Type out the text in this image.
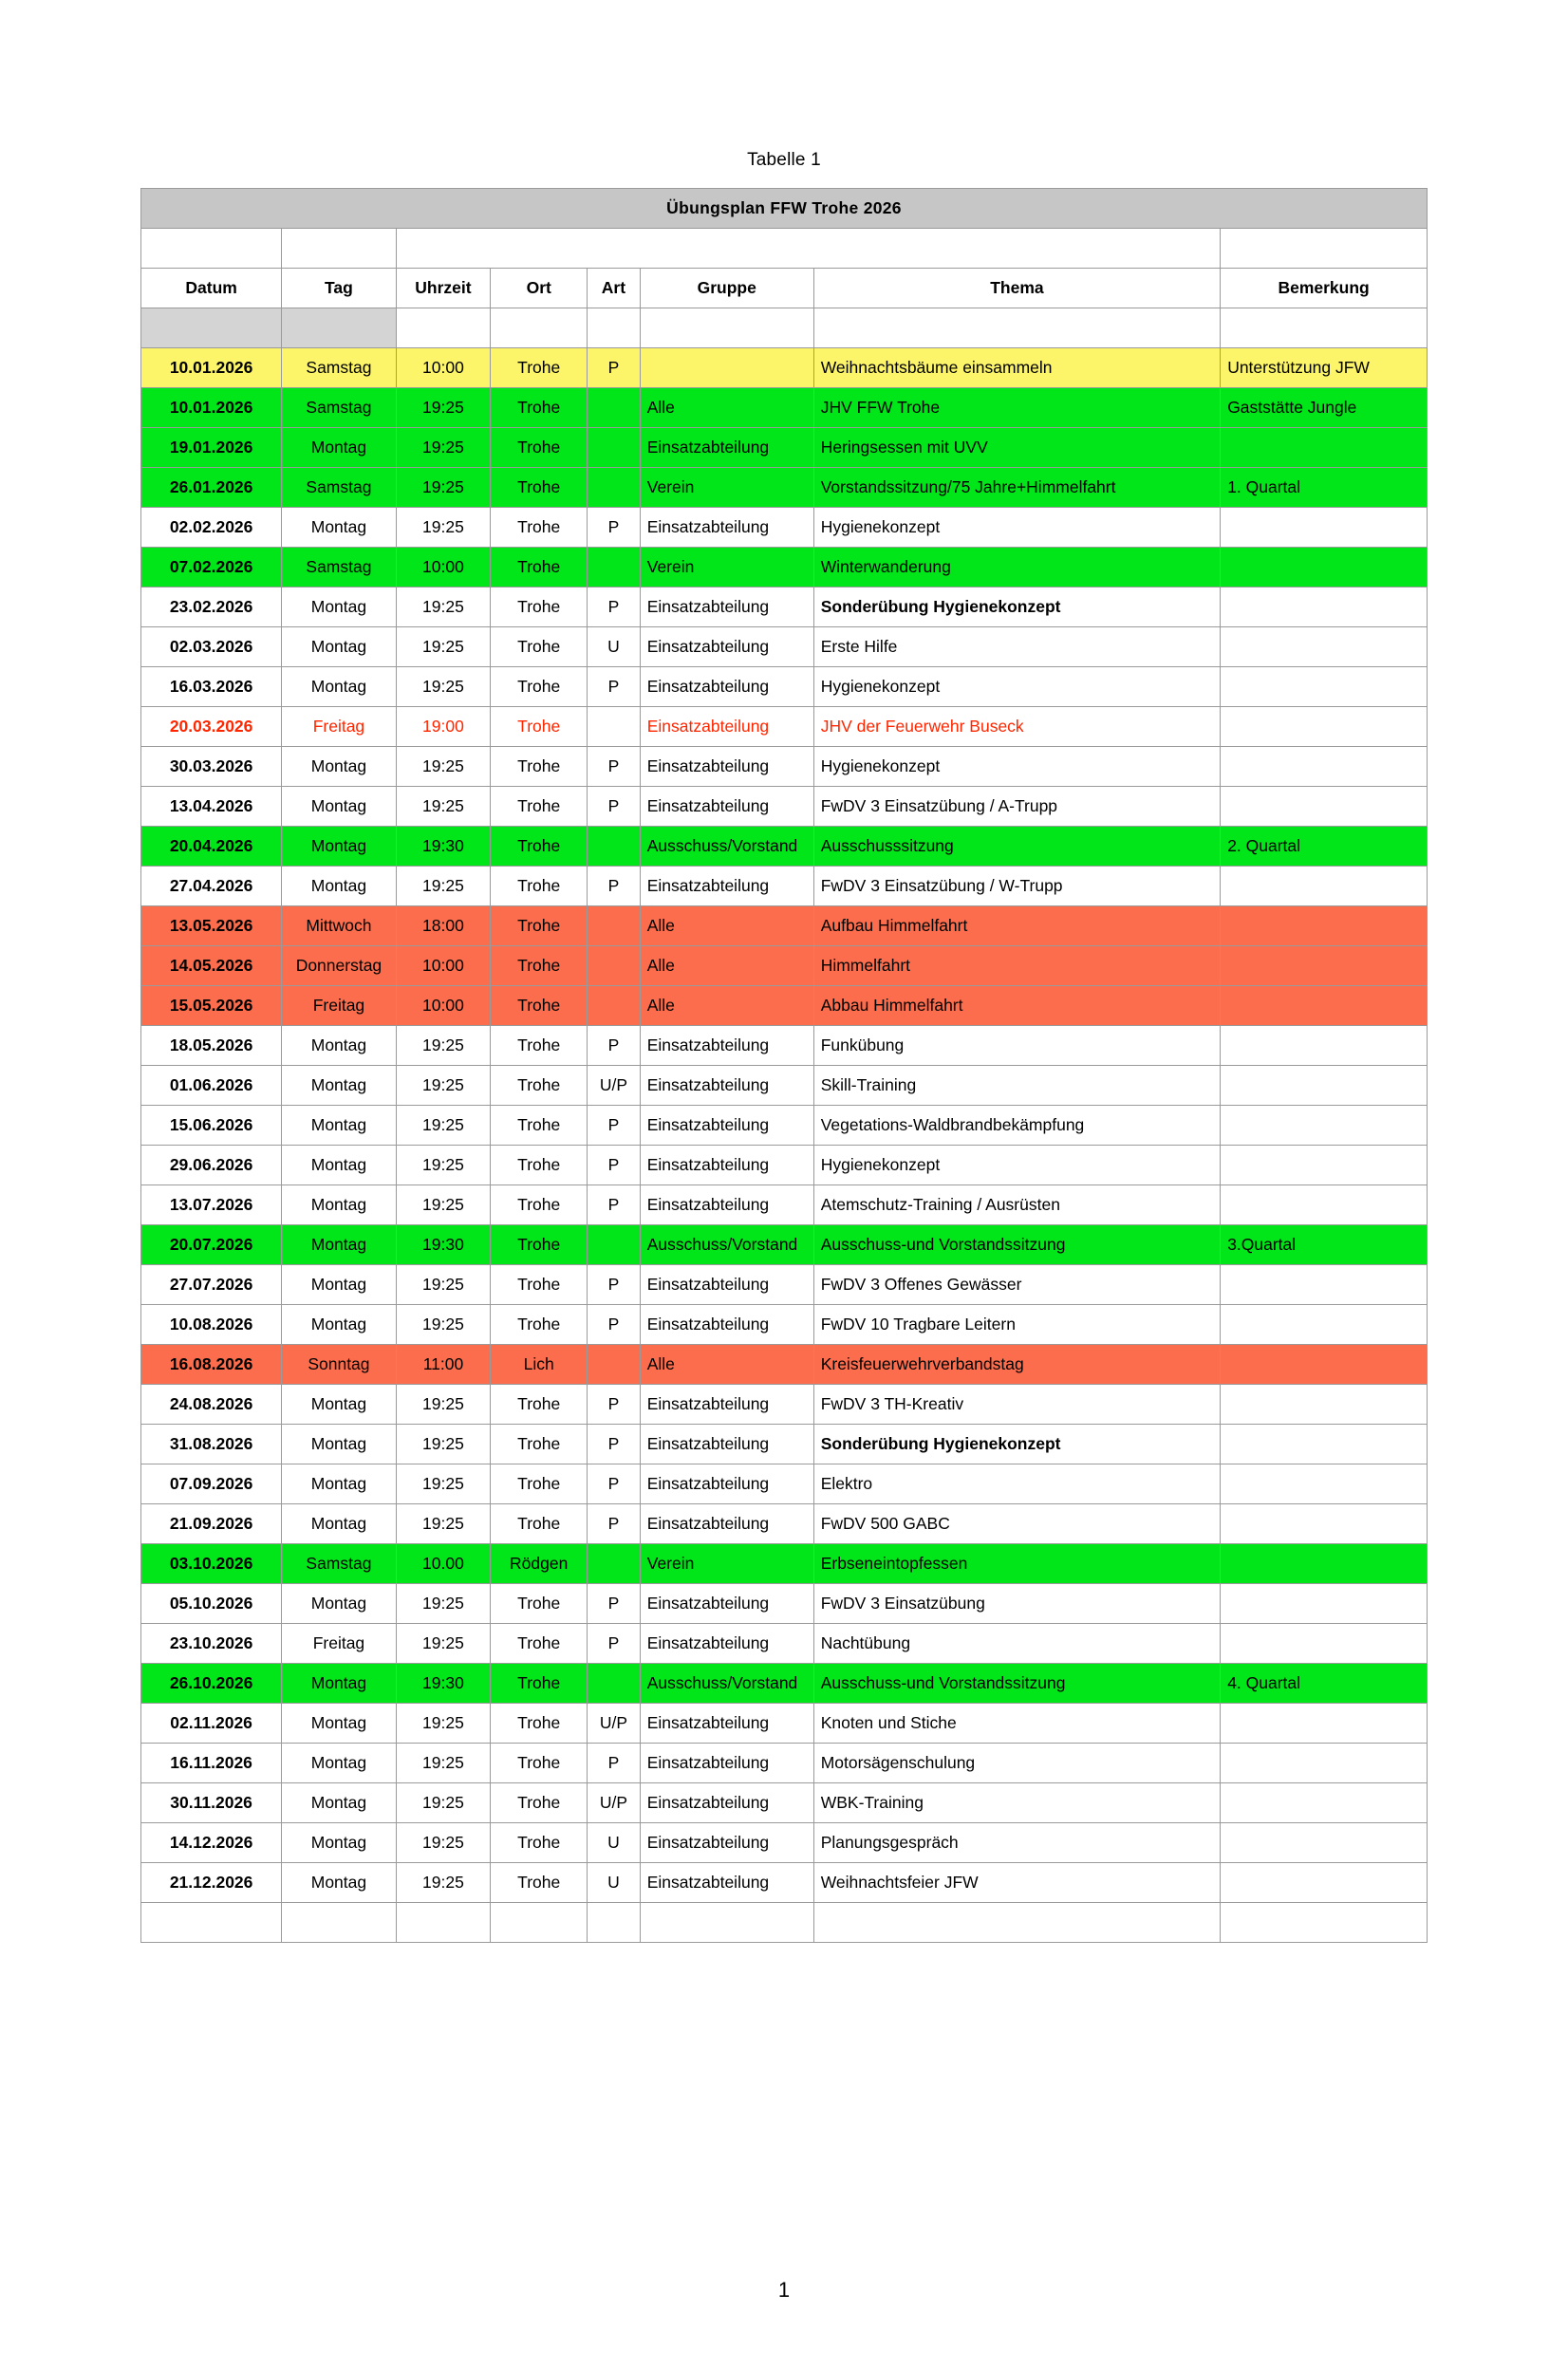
Tabelle 1
Übungsplan FFW Trohe 2026							

Datum	Tag	Uhrzeit	Ort	Art	Gruppe	Thema	Bemerkung

10.01.2026	Samstag	10:00	Trohe	P		Weihnachtsbäume einsammeln	Unterstützung JFW
10.01.2026	Samstag	19:25	Trohe		Alle	JHV FFW Trohe	Gaststätte Jungle
19.01.2026	Montag	19:25	Trohe		Einsatzabteilung	Heringsessen mit UVV	
26.01.2026	Samstag	19:25	Trohe		Verein	Vorstandssitzung/75 Jahre+Himmelfahrt	1. Quartal
02.02.2026	Montag	19:25	Trohe	P	Einsatzabteilung	Hygienekonzept	
07.02.2026	Samstag	10:00	Trohe		Verein	Winterwanderung	
23.02.2026	Montag	19:25	Trohe	P	Einsatzabteilung	Sonderübung Hygienekonzept	
02.03.2026	Montag	19:25	Trohe	U	Einsatzabteilung	Erste Hilfe	
16.03.2026	Montag	19:25	Trohe	P	Einsatzabteilung	Hygienekonzept	
20.03.2026	Freitag	19:00	Trohe		Einsatzabteilung	JHV der Feuerwehr Buseck	
30.03.2026	Montag	19:25	Trohe	P	Einsatzabteilung	Hygienekonzept	
13.04.2026	Montag	19:25	Trohe	P	Einsatzabteilung	FwDV 3 Einsatzübung / A-Trupp	
20.04.2026	Montag	19:30	Trohe		Ausschuss/Vorstand	Ausschusssitzung	2. Quartal
27.04.2026	Montag	19:25	Trohe	P	Einsatzabteilung	FwDV 3 Einsatzübung / W-Trupp	
13.05.2026	Mittwoch	18:00	Trohe		Alle	Aufbau Himmelfahrt	
14.05.2026	Donnerstag	10:00	Trohe		Alle	Himmelfahrt	
15.05.2026	Freitag	10:00	Trohe		Alle	Abbau Himmelfahrt	
18.05.2026	Montag	19:25	Trohe	P	Einsatzabteilung	Funkübung	
01.06.2026	Montag	19:25	Trohe	U/P	Einsatzabteilung	Skill-Training	
15.06.2026	Montag	19:25	Trohe	P	Einsatzabteilung	Vegetations-Waldbrandbekämpfung	
29.06.2026	Montag	19:25	Trohe	P	Einsatzabteilung	Hygienekonzept	
13.07.2026	Montag	19:25	Trohe	P	Einsatzabteilung	Atemschutz-Training / Ausrüsten	
20.07.2026	Montag	19:30	Trohe		Ausschuss/Vorstand	Ausschuss-und Vorstandssitzung	3.Quartal
27.07.2026	Montag	19:25	Trohe	P	Einsatzabteilung	FwDV 3 Offenes Gewässer	
10.08.2026	Montag	19:25	Trohe	P	Einsatzabteilung	FwDV 10 Tragbare Leitern	
16.08.2026	Sonntag	11:00	Lich		Alle	Kreisfeuerwehrverbandstag	
24.08.2026	Montag	19:25	Trohe	P	Einsatzabteilung	FwDV 3 TH-Kreativ	
31.08.2026	Montag	19:25	Trohe	P	Einsatzabteilung	Sonderübung Hygienekonzept	
07.09.2026	Montag	19:25	Trohe	P	Einsatzabteilung	Elektro	
21.09.2026	Montag	19:25	Trohe	P	Einsatzabteilung	FwDV 500 GABC	
03.10.2026	Samstag	10.00	Rödgen		Verein	Erbseneintopfessen	
05.10.2026	Montag	19:25	Trohe	P	Einsatzabteilung	FwDV 3 Einsatzübung	
23.10.2026	Freitag	19:25	Trohe	P	Einsatzabteilung	Nachtübung	
26.10.2026	Montag	19:30	Trohe		Ausschuss/Vorstand	Ausschuss-und Vorstandssitzung	4. Quartal
02.11.2026	Montag	19:25	Trohe	U/P	Einsatzabteilung	Knoten und Stiche	
16.11.2026	Montag	19:25	Trohe	P	Einsatzabteilung	Motorsägenschulung	
30.11.2026	Montag	19:25	Trohe	U/P	Einsatzabteilung	WBK-Training	
14.12.2026	Montag	19:25	Trohe	U	Einsatzabteilung	Planungsgespräch	
21.12.2026	Montag	19:25	Trohe	U	Einsatzabteilung	Weihnachtsfeier JFW	

1
